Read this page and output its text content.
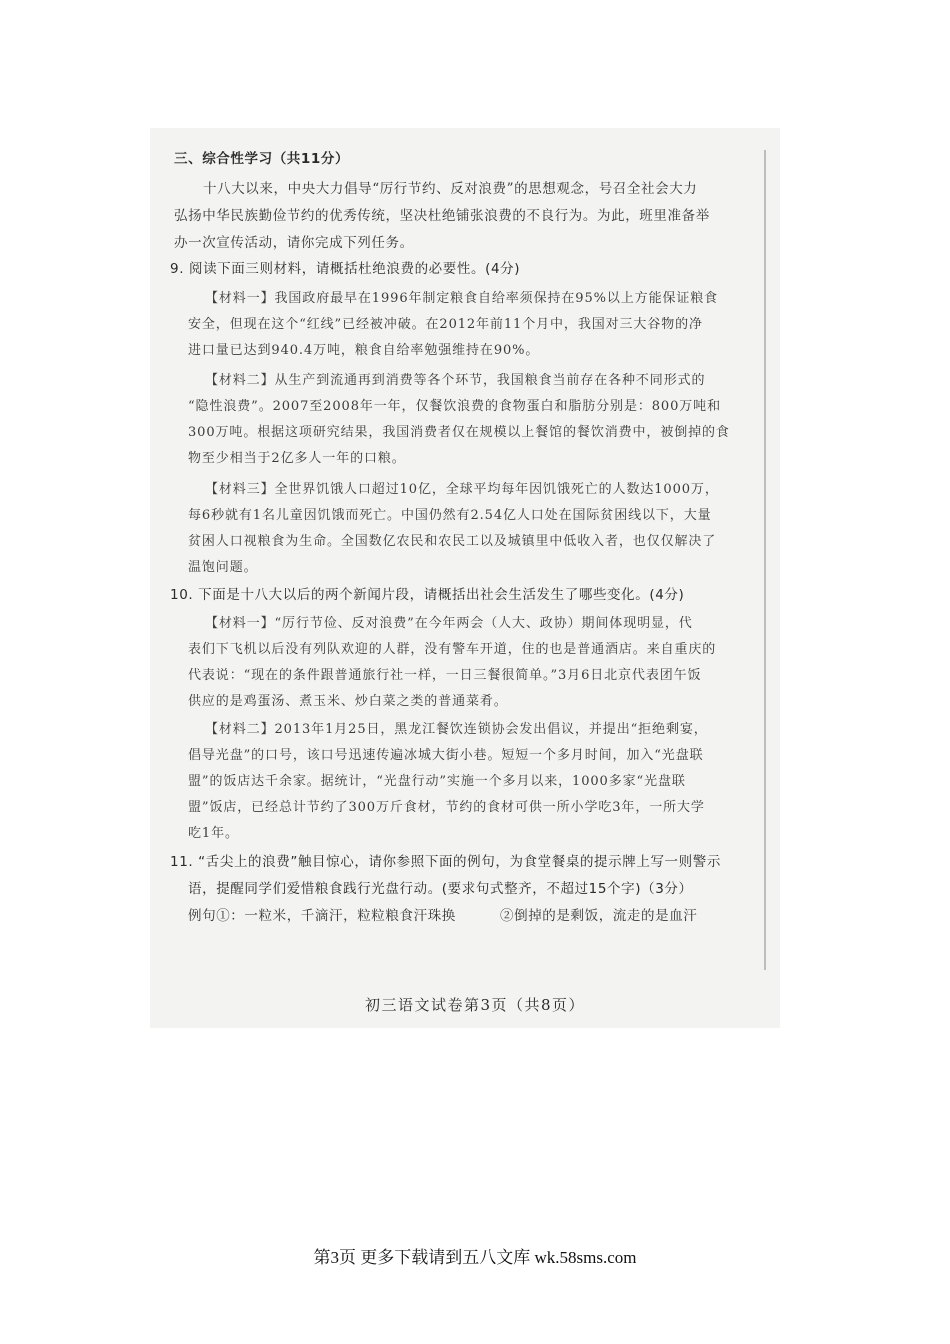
三、综合性学习（共11分）
十八大以来，中央大力倡导“厉行节约、反对浪费”的思想观念，号召全社会大力
弘扬中华民族勤俭节约的优秀传统，坚决杜绝铺张浪费的不良行为。为此，班里准备举
办一次宣传活动，请你完成下列任务。
9. 阅读下面三则材料，请概括杜绝浪费的必要性。(4分)
【材料一】我国政府最早在1996年制定粮食自给率须保持在95%以上方能保证粮食
安全，但现在这个“红线”已经被冲破。在2012年前11个月中，我国对三大谷物的净
进口量已达到940.4万吨，粮食自给率勉强维持在90%。
【材料二】从生产到流通再到消费等各个环节，我国粮食当前存在各种不同形式的
“隐性浪费”。2007至2008年一年，仅餐饮浪费的食物蛋白和脂肪分别是：800万吨和
300万吨。根据这项研究结果，我国消费者仅在规模以上餐馆的餐饮消费中，被倒掉的食
物至少相当于2亿多人一年的口粮。
【材料三】全世界饥饿人口超过10亿，全球平均每年因饥饿死亡的人数达1000万，
每6秒就有1名儿童因饥饿而死亡。中国仍然有2.54亿人口处在国际贫困线以下，大量
贫困人口视粮食为生命。全国数亿农民和农民工以及城镇里中低收入者，也仅仅解决了
温饱问题。
10. 下面是十八大以后的两个新闻片段，请概括出社会生活发生了哪些变化。(4分)
【材料一】“厉行节俭、反对浪费”在今年两会（人大、政协）期间体现明显，代
表们下飞机以后没有列队欢迎的人群，没有警车开道，住的也是普通酒店。来自重庆的
代表说：“现在的条件跟普通旅行社一样，一日三餐很简单。”3月6日北京代表团午饭
供应的是鸡蛋汤、煮玉米、炒白菜之类的普通菜肴。
【材料二】2013年1月25日，黑龙江餐饮连锁协会发出倡议，并提出“拒绝剩宴，
倡导光盘”的口号，该口号迅速传遍冰城大街小巷。短短一个多月时间，加入“光盘联
盟”的饭店达千余家。据统计，“光盘行动”实施一个多月以来，1000多家“光盘联
盟”饭店，已经总计节约了300万斤食材，节约的食材可供一所小学吃3年，一所大学
吃1年。
11. “舌尖上的浪费”触目惊心，请你参照下面的例句，为食堂餐桌的提示牌上写一则警示
语，提醒同学们爱惜粮食践行光盘行动。(要求句式整齐，不超过15个字)（3分）
例句①：一粒米，千滴汗，粒粒粮食汗珠换	②倒掉的是剩饭，流走的是血汗
初三语文试卷第3页（共8页）
第3页 更多下载请到五八文库 wk.58sms.com
